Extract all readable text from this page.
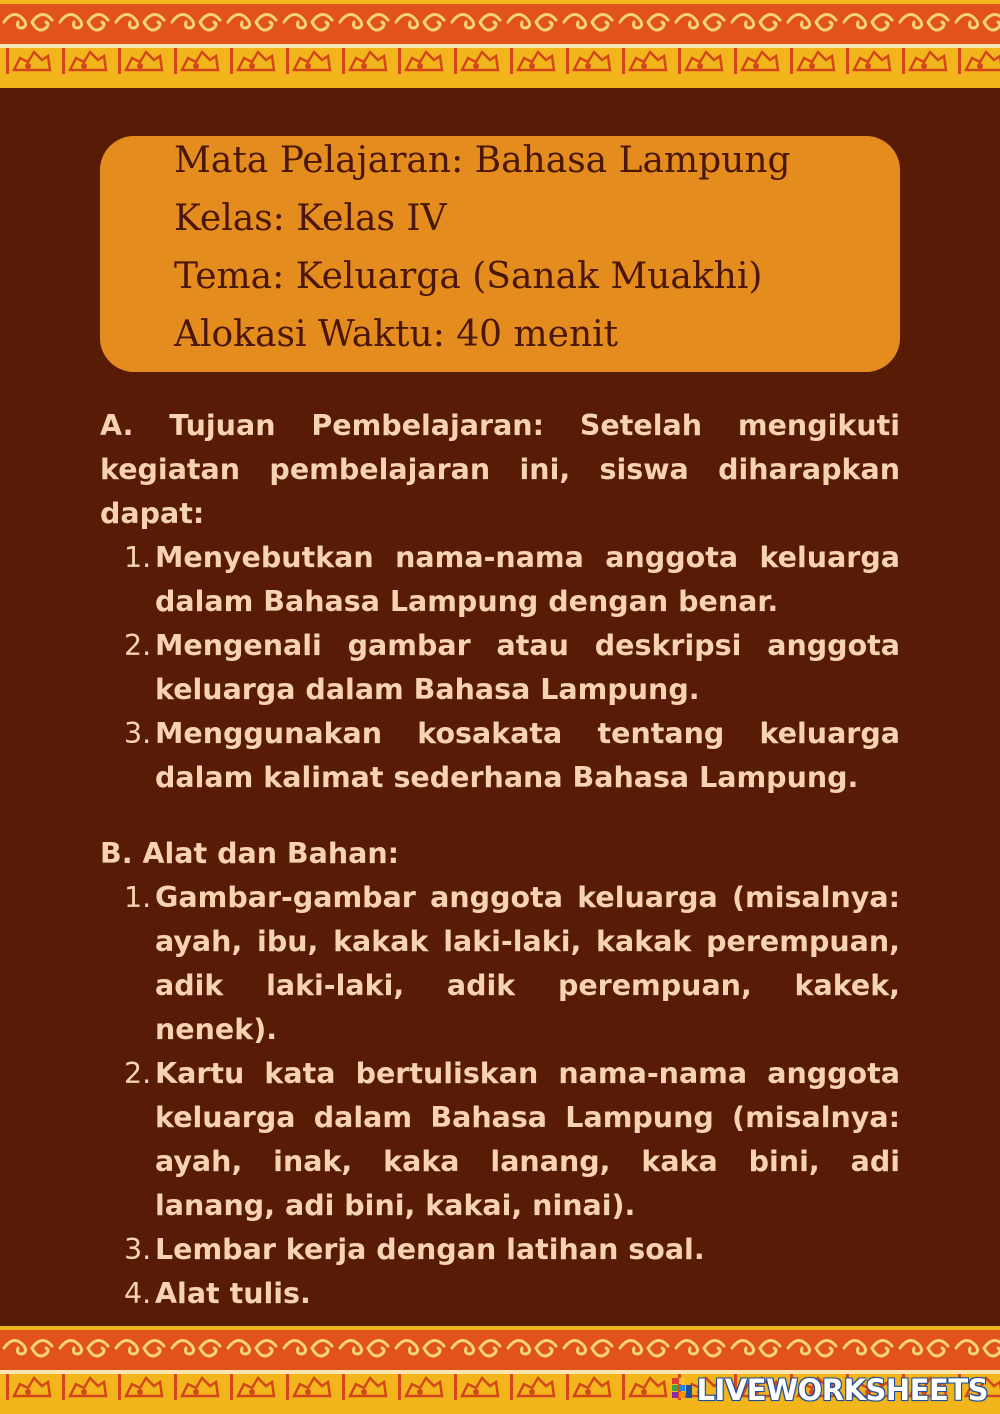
Mata Pelajaran: Bahasa Lampung
Kelas: Kelas IV
Tema: Keluarga (Sanak Muakhi)
Alokasi Waktu: 40 menit

A. Tujuan Pembelajaran: Setelah mengikuti kegiatan pembelajaran ini, siswa diharapkan dapat:

1. Menyebutkan nama-nama anggota keluarga dalam Bahasa Lampung dengan benar.
2. Mengenali gambar atau deskripsi anggota keluarga dalam Bahasa Lampung.
3. Menggunakan kosakata tentang keluarga dalam kalimat sederhana Bahasa Lampung.

B. Alat dan Bahan:

1. Gambar-gambar anggota keluarga (misalnya: ayah, ibu, kakak laki-laki, kakak perempuan, adik laki-laki, adik perempuan, kakek, nenek).
2. Kartu kata bertuliskan nama-nama anggota keluarga dalam Bahasa Lampung (misalnya: ayah, inak, kaka lanang, kaka bini, adi lanang, adi bini, kakai, ninai).
3. Lembar kerja dengan latihan soal.
4. Alat tulis.
LIVEWORKSHEETS
